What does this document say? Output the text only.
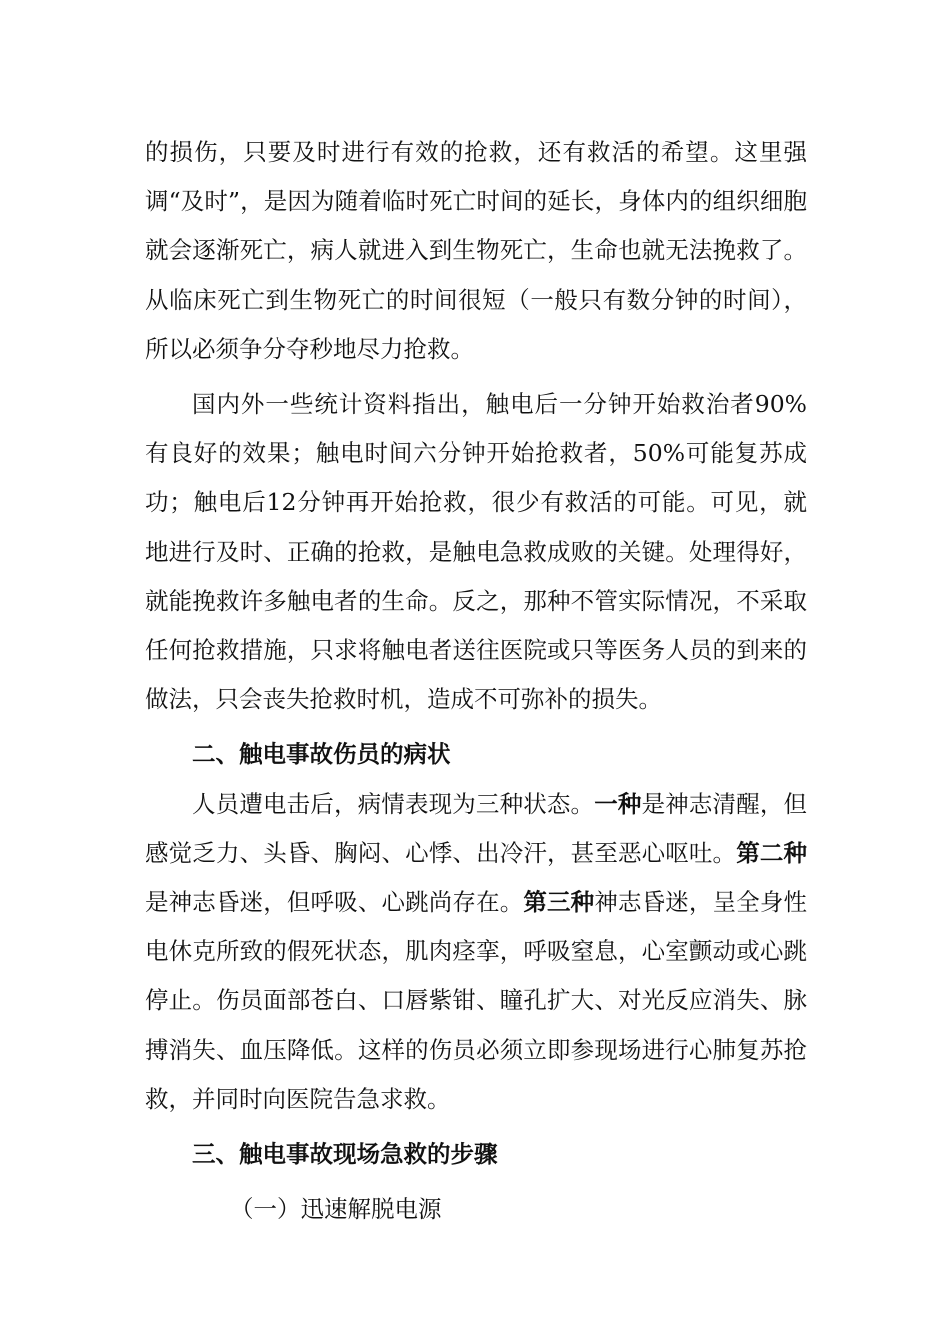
的损伤，只要及时进行有效的抢救，还有救活的希望。这里强调“及时”，是因为随着临时死亡时间的延长，身体内的组织细胞就会逐渐死亡，病人就进入到生物死亡，生命也就无法挽救了。从临床死亡到生物死亡的时间很短（一般只有数分钟的时间），所以必须争分夺秒地尽力抢救。

国内外一些统计资料指出，触电后一分钟开始救治者90%有良好的效果；触电时间六分钟开始抢救者，50%可能复苏成功；触电后12分钟再开始抢救，很少有救活的可能。可见，就地进行及时、正确的抢救，是触电急救成败的关键。处理得好，就能挽救许多触电者的生命。反之，那种不管实际情况，不采取任何抢救措施，只求将触电者送往医院或只等医务人员的到来的做法，只会丧失抢救时机，造成不可弥补的损失。

二、触电事故伤员的病状

人员遭电击后，病情表现为三种状态。一种是神志清醒，但感觉乏力、头昏、胸闷、心悸、出冷汗，甚至恶心呕吐。第二种是神志昏迷，但呼吸、心跳尚存在。第三种神志昏迷，呈全身性电休克所致的假死状态，肌肉痉挛，呼吸窒息，心室颤动或心跳停止。伤员面部苍白、口唇紫钳、瞳孔扩大、对光反应消失、脉搏消失、血压降低。这样的伤员必须立即参现场进行心肺复苏抢救，并同时向医院告急求救。

三、触电事故现场急救的步骤

（一）迅速解脱电源
